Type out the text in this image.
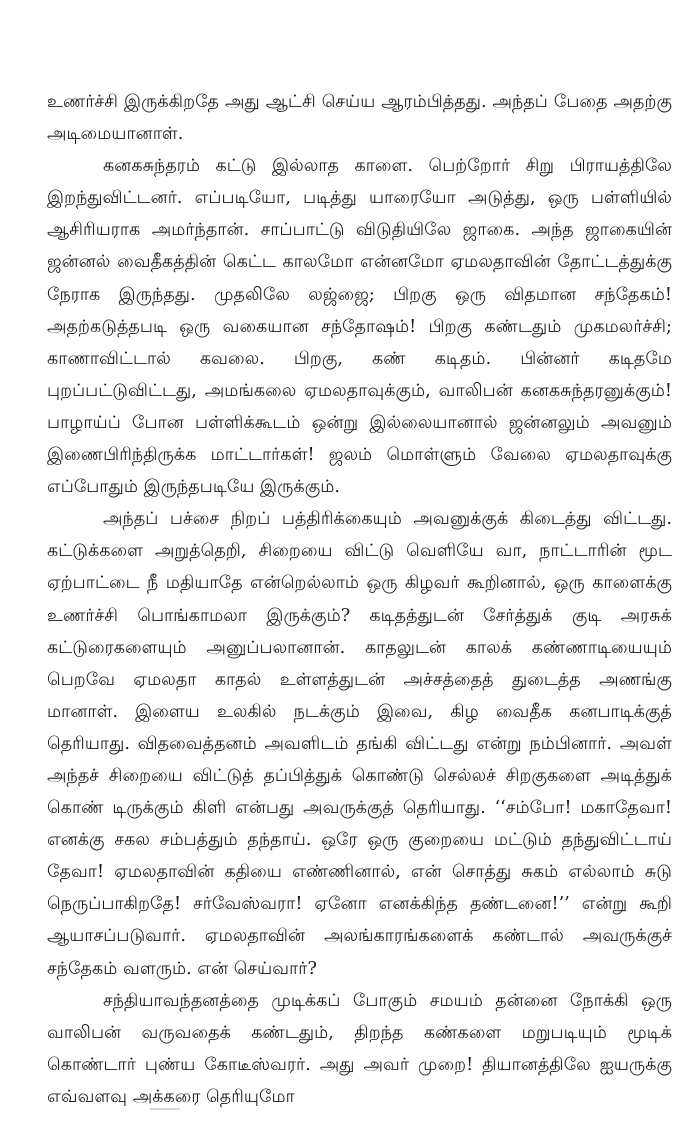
உணர்ச்சி இருக்கிறதே அது ஆட்சி செய்ய ஆரம்பித்தது. அந்தப் பேதை அதற்கு அடிமையானாள்.

கனகசுந்தரம் கட்டு இல்லாத காளை. பெற்றோர் சிறு பிராயத்திலே இறந்துவிட்டனர். எப்படியோ, படித்து யாரையோ அடுத்து, ஒரு பள்ளியில் ஆசிரியராக அமர்ந்தான். சாப்பாட்டு விடுதியிலே ஜாகை. அந்த ஜாகையின் ஜன்னல் வைதீகத்தின் கெட்ட காலமோ என்னமோ ஏமலதாவின் தோட்டத்துக்கு நேராக இருந்தது. முதலிலே லஜ்ஜை; பிறகு ஒரு விதமான சந்தேகம்! அதற்கடுத்தபடி ஒரு வகையான சந்தோஷம்! பிறகு கண்டதும் முகமலர்ச்சி; காணாவிட்டால் கவலை. பிறகு, கண் கடிதம். பின்னர் கடிதமே புறப்பட்டுவிட்டது, அமங்கலை ஏமலதாவுக்கும், வாலிபன் கனகசுந்தரனுக்கும்! பாழாய்ப் போன பள்ளிக்கூடம் ஒன்று இல்லையானால் ஜன்னலும் அவனும் இணைபிரிந்திருக்க மாட்டார்கள்! ஜலம் மொள்ளும் வேலை ஏமலதாவுக்கு எப்போதும் இருந்தபடியே இருக்கும்.

அந்தப் பச்சை நிறப் பத்திரிக்கையும் அவனுக்குக் கிடைத்து விட்டது. கட்டுக்களை அறுத்தெறி, சிறையை விட்டு வெளியே வா, நாட்டாரின் மூட ஏற்பாட்டை நீ மதியாதே என்றெல்லாம் ஒரு கிழவர் கூறினால், ஒரு காளைக்கு உணர்ச்சி பொங்காமலா இருக்கும்? கடிதத்துடன் சேர்த்துக் குடி அரசுக் கட்டுரைகளையும் அனுப்பலானான். காதலுடன் காலக் கண்ணாடியையும் பெறவே ஏமலதா காதல் உள்ளத்துடன் அச்சத்தைத் துடைத்த அணங்கு மானாள். இளைய உலகில் நடக்கும் இவை, கிழ வைதீக கனபாடிக்குத் தெரியாது. விதவைத்தனம் அவளிடம் தங்கி விட்டது என்று நம்பினார். அவள் அந்தச் சிறையை விட்டுத் தப்பித்துக் கொண்டு செல்லச் சிறகுகளை அடித்துக் கொண் டிருக்கும் கிளி என்பது அவருக்குத் தெரியாது. ‘‘சம்போ! மகாதேவா! எனக்கு சகல சம்பத்தும் தந்தாய். ஒரே ஒரு குறையை மட்டும் தந்துவிட்டாய் தேவா! ஏமலதாவின் கதியை எண்ணினால், என் சொத்து சுகம் எல்லாம் சுடு நெருப்பாகிறதே! சர்வேஸ்வரா! ஏனோ எனக்கிந்த தண்டனை!’’ என்று கூறி ஆயாசப்படுவார். ஏமலதாவின் அலங்காரங்களைக் கண்டால் அவருக்குச் சந்தேகம் வளரும். என் செய்வார்?

சந்தியாவந்தனத்தை முடிக்கப் போகும் சமயம் தன்னை நோக்கி ஒரு வாலிபன் வருவதைக் கண்டதும், திறந்த கண்களை மறுபடியும் மூடிக் கொண்டார் புண்ய கோடீஸ்வரர். அது அவர் முறை! தியானத்திலே ஐயருக்கு எவ்வளவு அக்கரை தெரியுமோ
